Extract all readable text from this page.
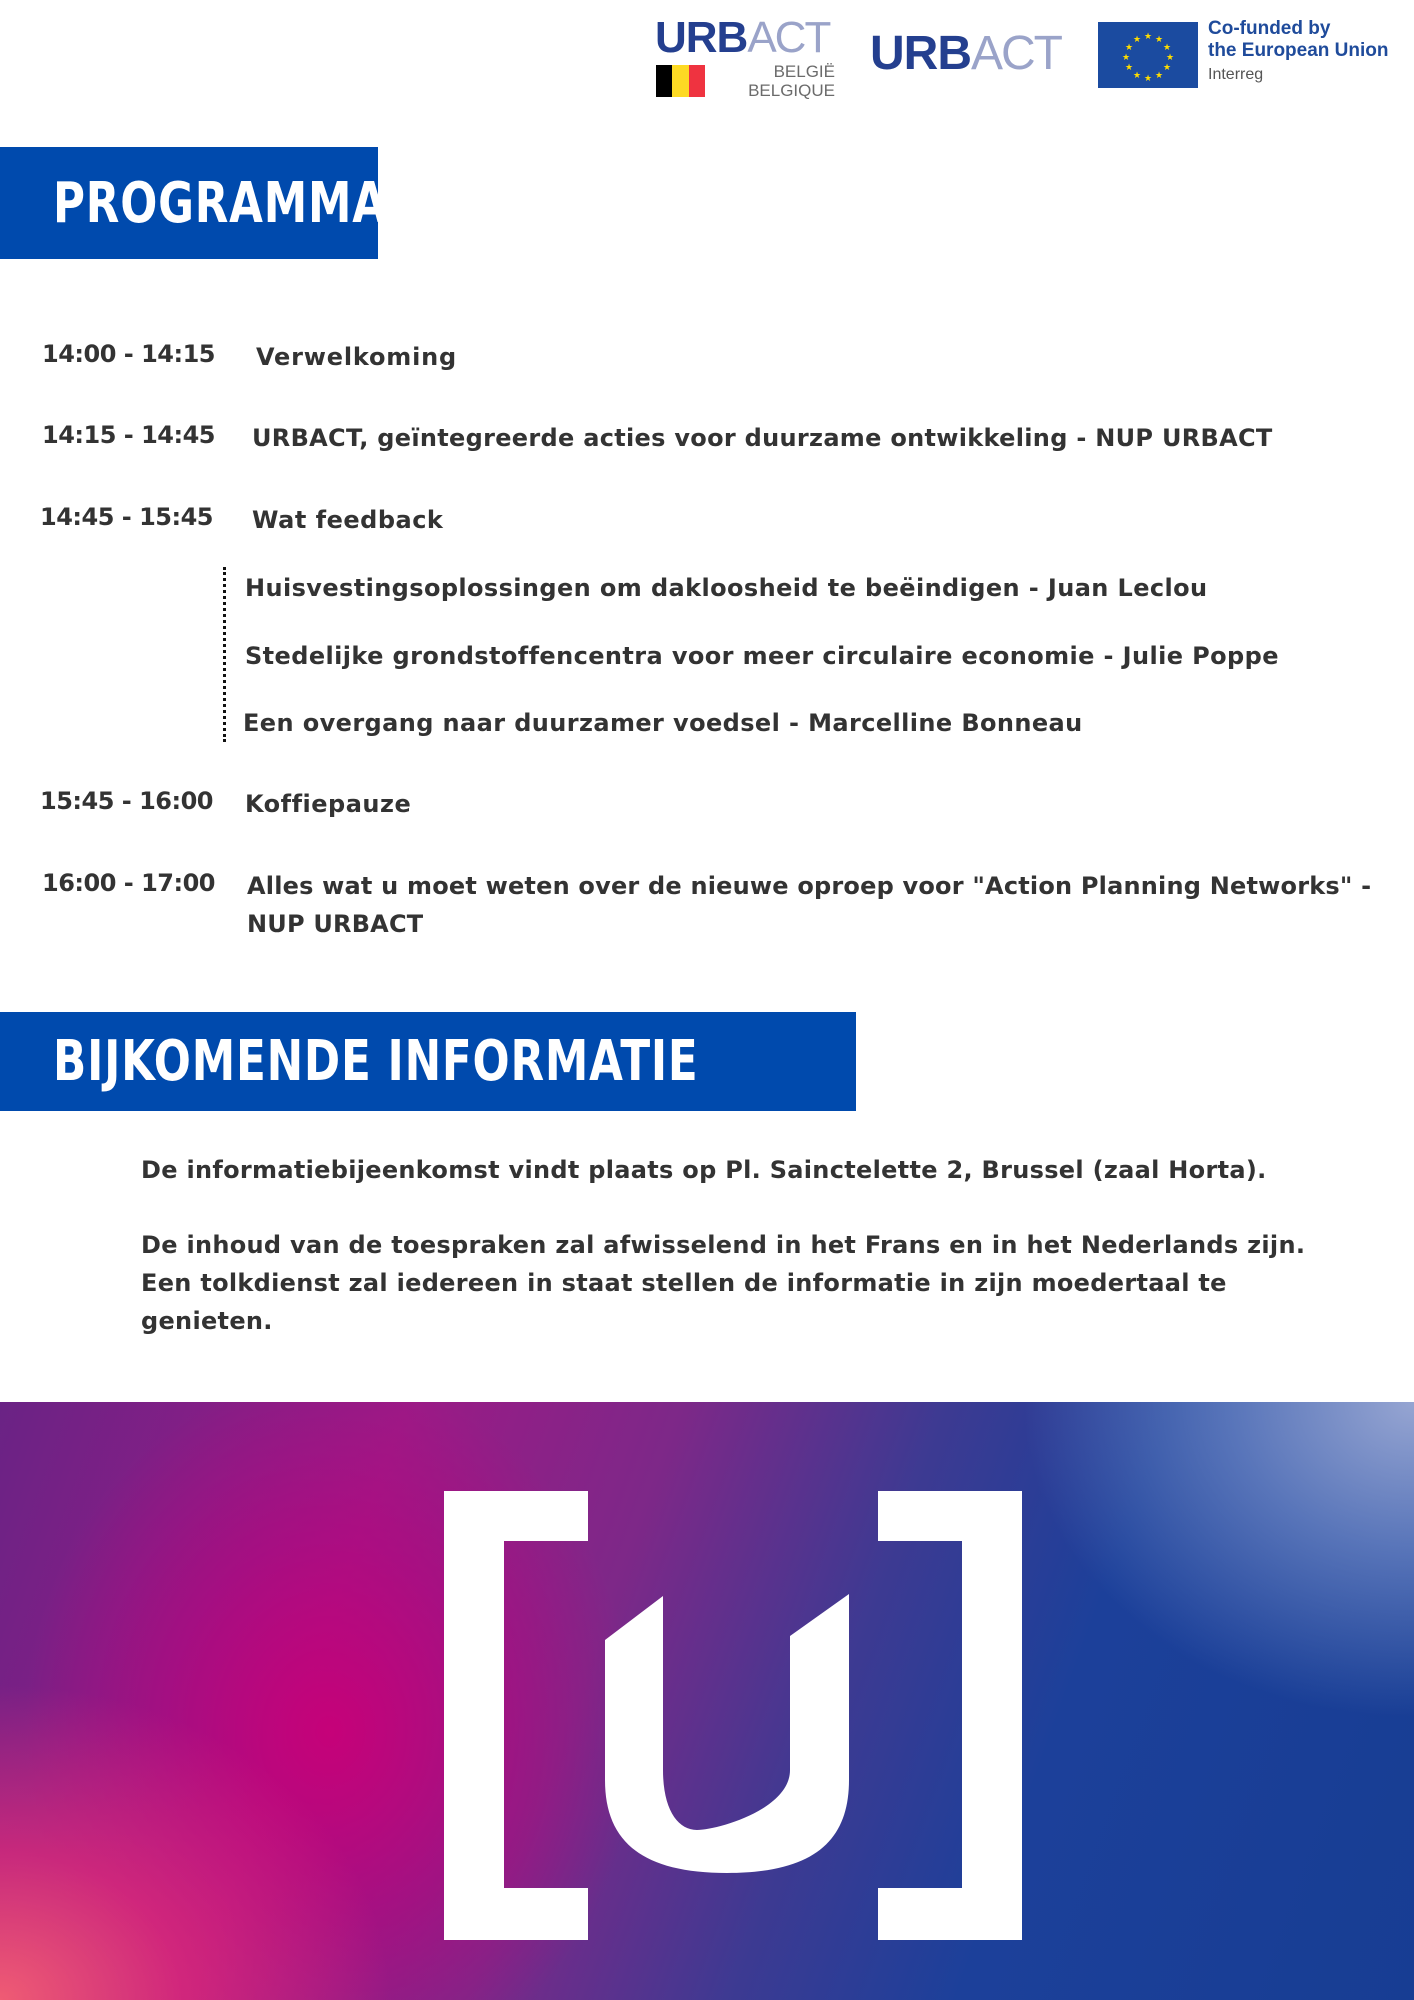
URBACT
BELGIË
BELGIQUE
URBACT	★ ★
★
★
★
★
★
★
★
★
★
★
Co-funded by
the European Union
Interreg
PROGRAMMA
14:00 - 14:15 Verwelkoming
14:15 - 14:45 URBACT, geïntegreerde acties voor duurzame ontwikkeling - NUP URBACT
14:45 - 15:45 Wat feedback
Huisvestingsoplossingen om dakloosheid te beëindigen - Juan Leclou
Stedelijke grondstoffencentra voor meer circulaire economie - Julie Poppe
Een overgang naar duurzamer voedsel - Marcelline Bonneau
15:45 - 16:00 Koffiepauze
16:00 - 17:00 Alles wat u moet weten over de nieuwe oproep voor "Action Planning Networks" -
NUP URBACT
BIJKOMENDE INFORMATIE
De informatiebijeenkomst vindt plaats op Pl. Sainctelette 2, Brussel (zaal Horta).
De inhoud van de toespraken zal afwisselend in het Frans en in het Nederlands zijn.
Een tolkdienst zal iedereen in staat stellen de informatie in zijn moedertaal te
genieten.
